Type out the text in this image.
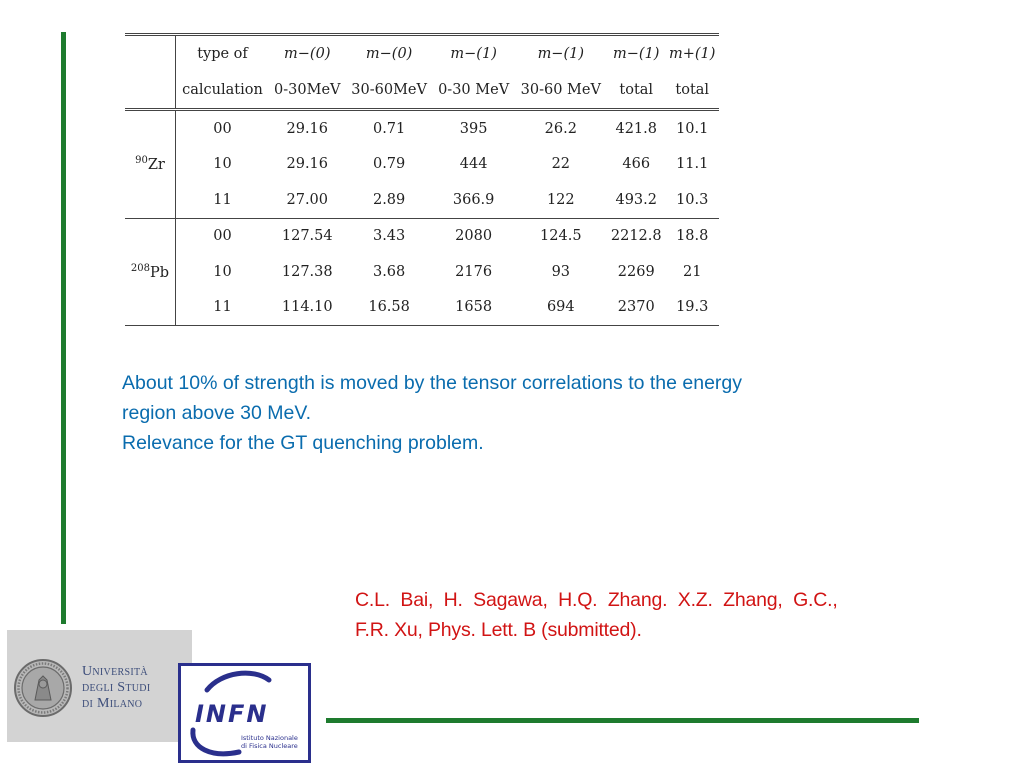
	type of	m−(0)	m−(0)	m−(1)	m−(1)	m−(1)	m+(1)
	calculation	0-30MeV	30-60MeV	0-30 MeV	30-60 MeV	total	total
$^{90}$Zr	00	29.16	0.71	395	26.2	421.8	10.1
	10	29.16	0.79	444	22	466	11.1
	11	27.00	2.89	366.9	122	493.2	10.3
$^{208}$Pb	00	127.54	3.43	2080	124.5	2212.8	18.8
	10	127.38	3.68	2176	93	2269	21
	11	114.10	16.58	1658	694	2370	19.3
About 10% of strength is moved by the tensor correlations to the energy
region above 30 MeV.
Relevance for the GT quenching problem.
C.L.  Bai,  H.  Sagawa,  H.Q.  Zhang.  X.Z.  Zhang,  G.C.,
F.R. Xu, Phys. Lett. B (submitted).
Università
degli Studi
di Milano	INFN
Istituto Nazionale
di Fisica Nucleare
